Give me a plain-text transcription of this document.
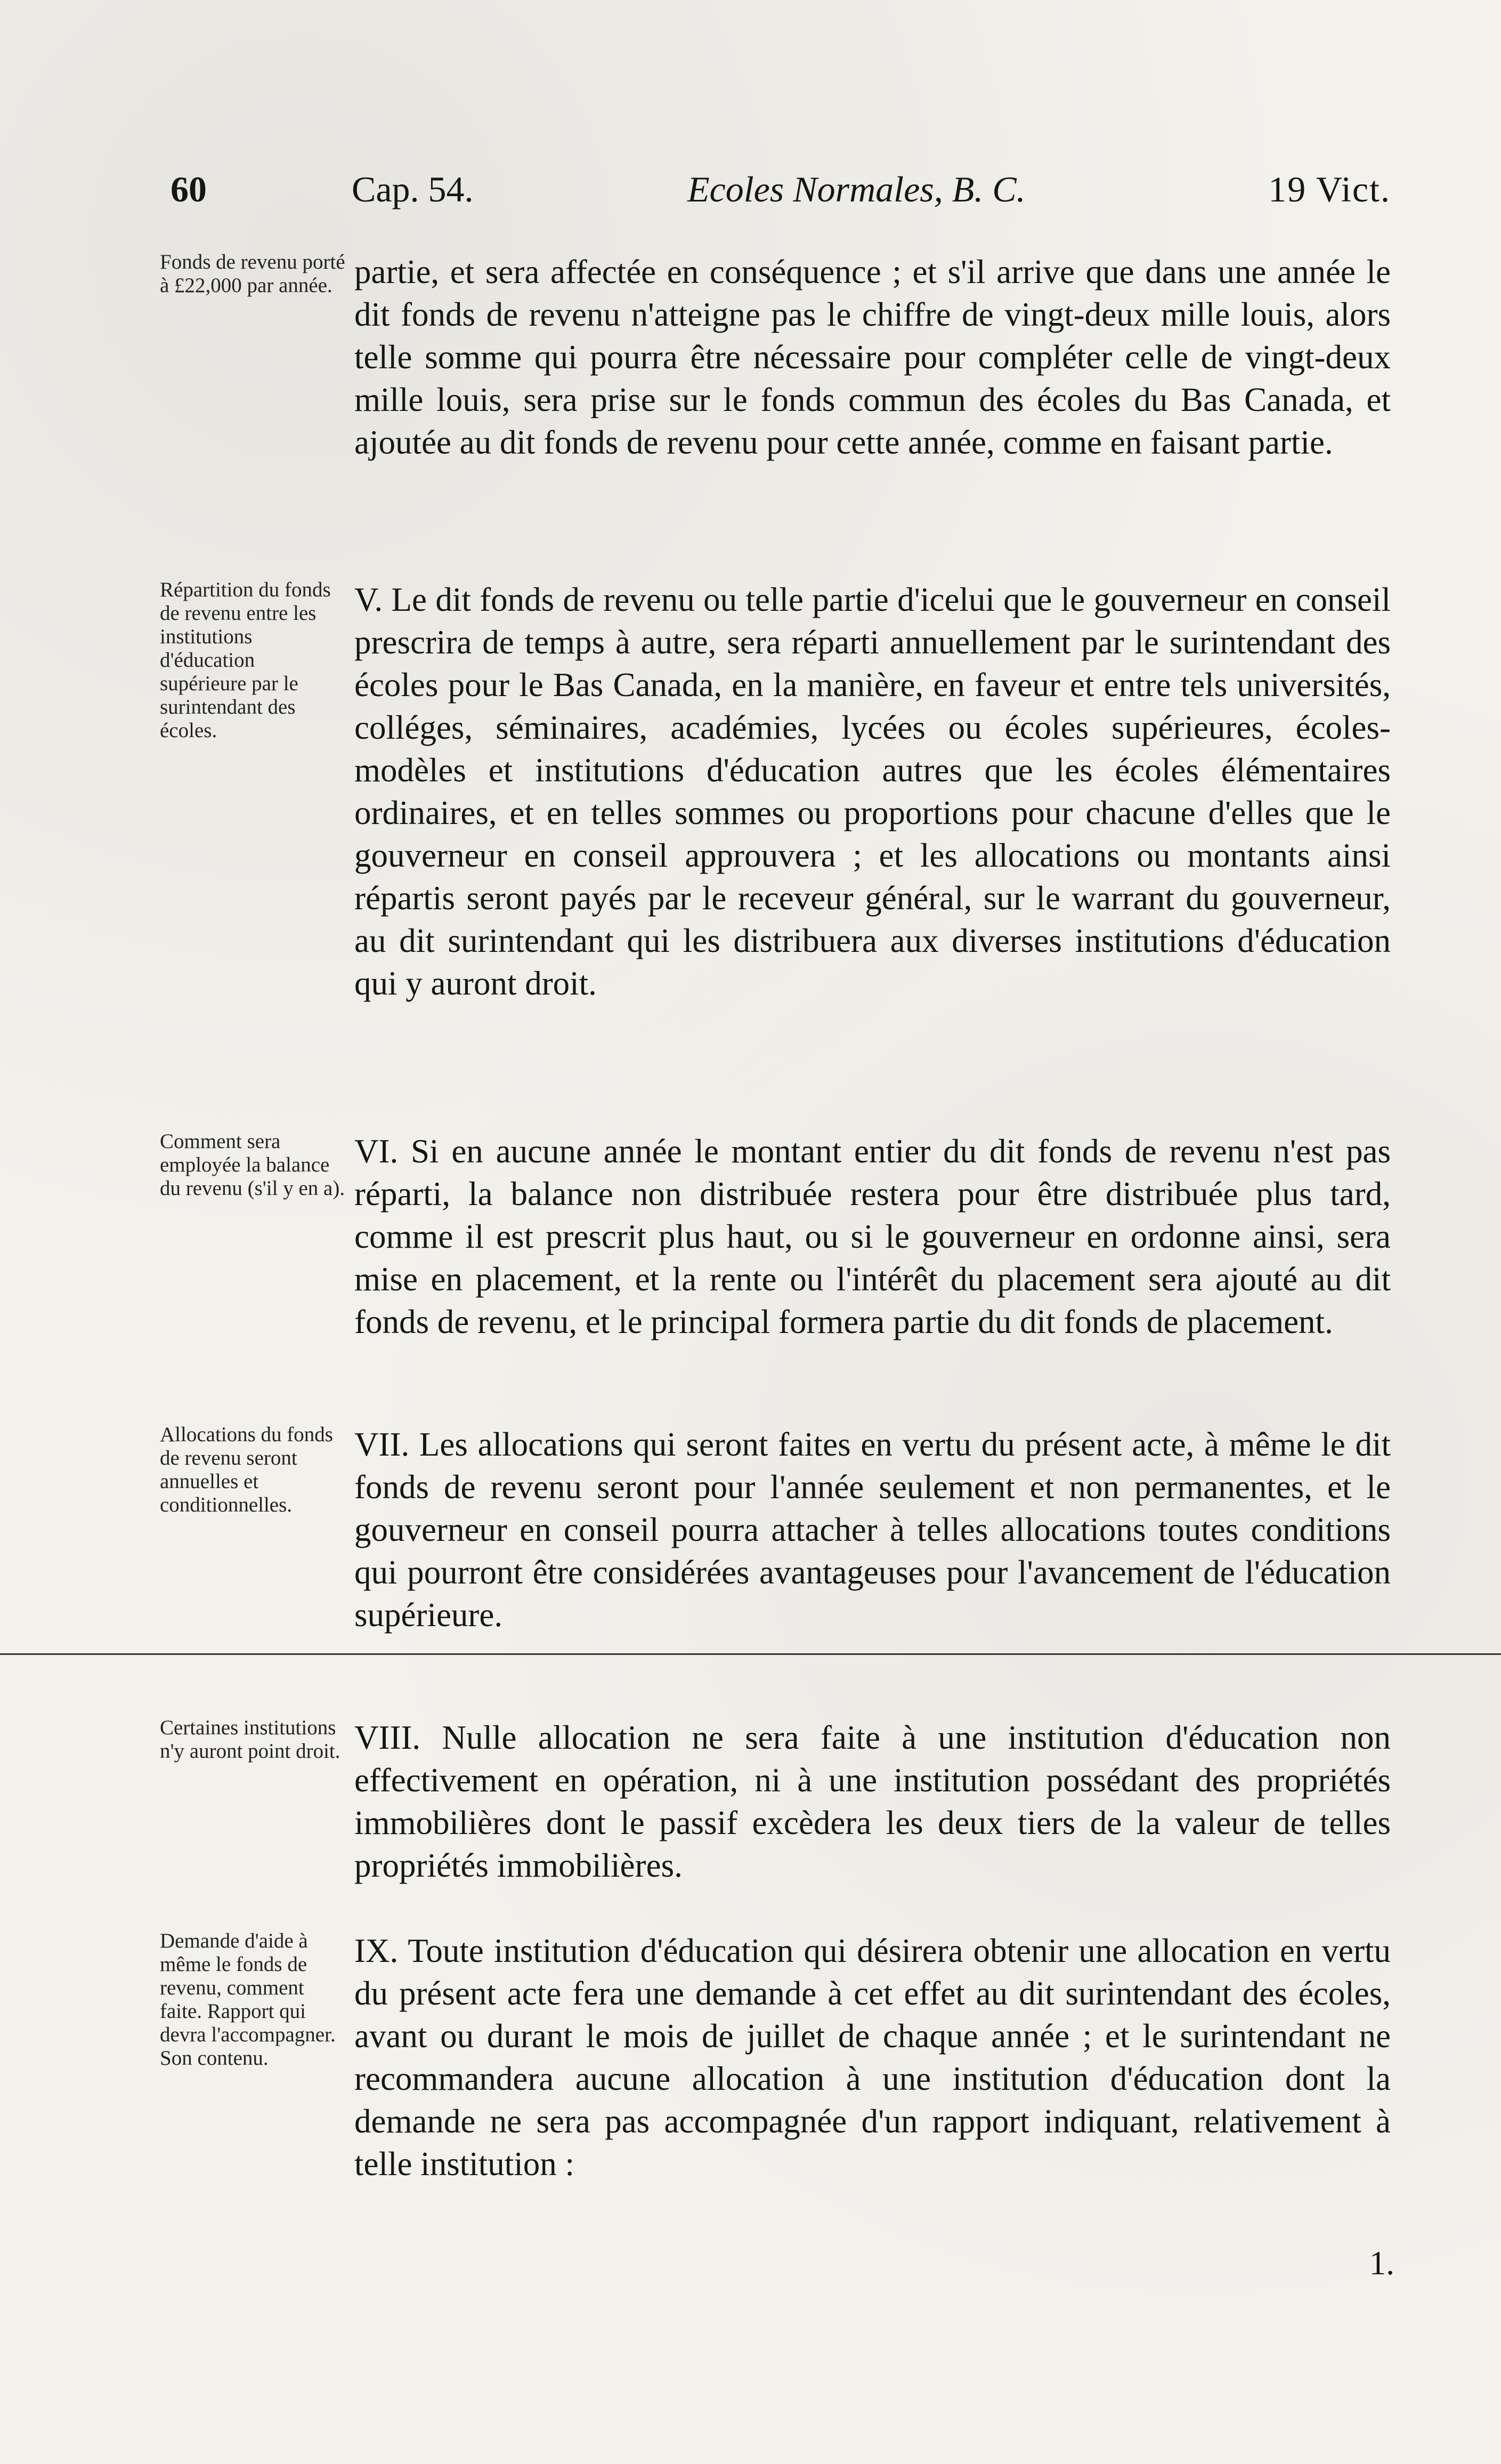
60	Cap. 54.	Ecoles Normales, B. C.	19 Vict.
Fonds de revenu porté à £22,000 par année. partie, et sera affectée en conséquence ; et s'il arrive que dans une année le dit fonds de revenu n'atteigne pas le chiffre de vingt-deux mille louis, alors telle somme qui pourra être nécessaire pour compléter celle de vingt-deux mille louis, sera prise sur le fonds commun des écoles du Bas Canada, et ajoutée au dit fonds de revenu pour cette année, comme en faisant partie.
Répartition du fonds de revenu entre les institutions d'éducation supérieure par le surintendant des écoles.
V. Le dit fonds de revenu ou telle partie d'icelui que le gouverneur en conseil prescrira de temps à autre, sera réparti annuellement par le surintendant des écoles pour le Bas Canada, en la manière, en faveur et entre tels universités, colléges, séminaires, académies, lycées ou écoles supérieures, écoles-modèles et institutions d'éducation autres que les écoles élémentaires ordinaires, et en telles sommes ou proportions pour chacune d'elles que le gouverneur en conseil approuvera ; et les allocations ou montants ainsi répartis seront payés par le receveur général, sur le warrant du gouverneur, au dit surintendant qui les distribuera aux diverses institutions d'éducation qui y auront droit.
Comment sera employée la balance du revenu (s'il y en a).
VI. Si en aucune année le montant entier du dit fonds de revenu n'est pas réparti, la balance non distribuée restera pour être distribuée plus tard, comme il est prescrit plus haut, ou si le gouverneur en ordonne ainsi, sera mise en placement, et la rente ou l'intérêt du placement sera ajouté au dit fonds de revenu, et le principal formera partie du dit fonds de placement.
Allocations du fonds de revenu seront annuelles et conditionnelles.
VII. Les allocations qui seront faites en vertu du présent acte, à même le dit fonds de revenu seront pour l'année seulement et non permanentes, et le gouverneur en conseil pourra attacher à telles allocations toutes conditions qui pourront être considérées avantageuses pour l'avancement de l'éducation supérieure.
Certaines institutions n'y auront point droit. VIII. Nulle allocation ne sera faite à une institution d'éducation non effectivement en opération, ni à une institution possédant des propriétés immobilières dont le passif excèdera les deux tiers de la valeur de telles propriétés immobilières.
Demande d'aide à même le fonds de revenu, comment faite. Rapport qui devra l'accompagner. Son contenu.
IX. Toute institution d'éducation qui désirera obtenir une allocation en vertu du présent acte fera une demande à cet effet au dit surintendant des écoles, avant ou durant le mois de juillet de chaque année ; et le surintendant ne recommandera aucune allocation à une institution d'éducation dont la demande ne sera pas accompagnée d'un rapport indiquant, relativement à telle institution :
1.
